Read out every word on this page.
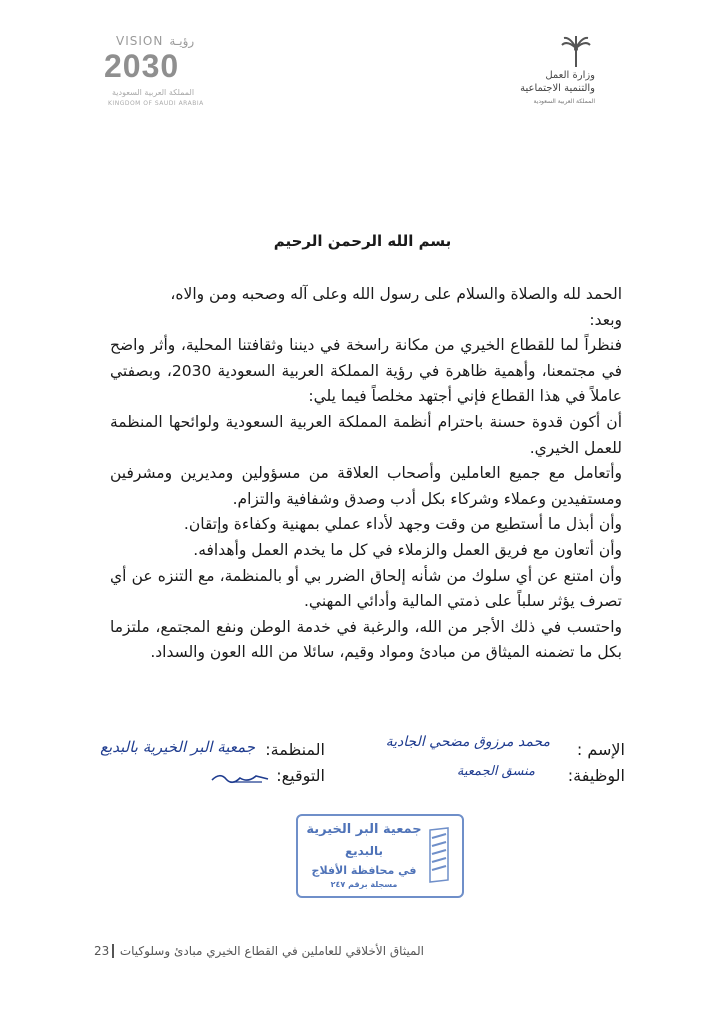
VISION رؤيـة
2030
المملكة العربية السعودية
KINGDOM OF SAUDI ARABIA
وزارة العمل
والتنمية الاجتماعية
المملكة العربية السعودية
بسم الله الرحمن الرحيم

الحمد لله والصلاة والسلام على رسول الله وعلى آله وصحبه ومن والاه،

وبعد:

فنظراً لما للقطاع الخيري من مكانة راسخة في ديننا وثقافتنا المحلية، وأثر واضح في مجتمعنا، وأهمية ظاهرة في رؤية المملكة العربية السعودية 2030، وبصفتي عاملاً في هذا القطاع فإني أجتهد مخلصاً فيما يلي:

أن أكون قدوة حسنة باحترام أنظمة المملكة العربية السعودية ولوائحها المنظمة للعمل الخيري.

وأتعامل مع جميع العاملين وأصحاب العلاقة من مسؤولين ومديرين ومشرفين ومستفيدين وعملاء وشركاء بكل أدب وصدق وشفافية والتزام.

وأن أبذل ما أستطيع من وقت وجهد لأداء عملي بمهنية وكفاءة وإتقان.

وأن أتعاون مع فريق العمل والزملاء في كل ما يخدم العمل وأهدافه.

وأن امتنع عن أي سلوك من شأنه إلحاق الضرر بي أو بالمنظمة، مع التنزه عن أي تصرف يؤثر سلباً على ذمتي المالية وأدائي المهني.

واحتسب في ذلك الأجر من الله، والرغبة في خدمة الوطن ونفع المجتمع، ملتزما بكل ما تضمنه الميثاق من مبادئ ومواد وقيم، سائلا من الله العون والسداد.

الإسم :
محمد مرزوق مضحي الجادية
الوظيفة:
منسق الجمعية
المنظمة:
جمعية البر الخيرية بالبديع
التوقيع:
جمعية البر الخيرية
بالبديع
في محافظة الأفلاج
مسجلة برقم ٢٤٧
23 الميثاق الأخلاقي للعاملين في القطاع الخيري مبادئ وسلوكيات
